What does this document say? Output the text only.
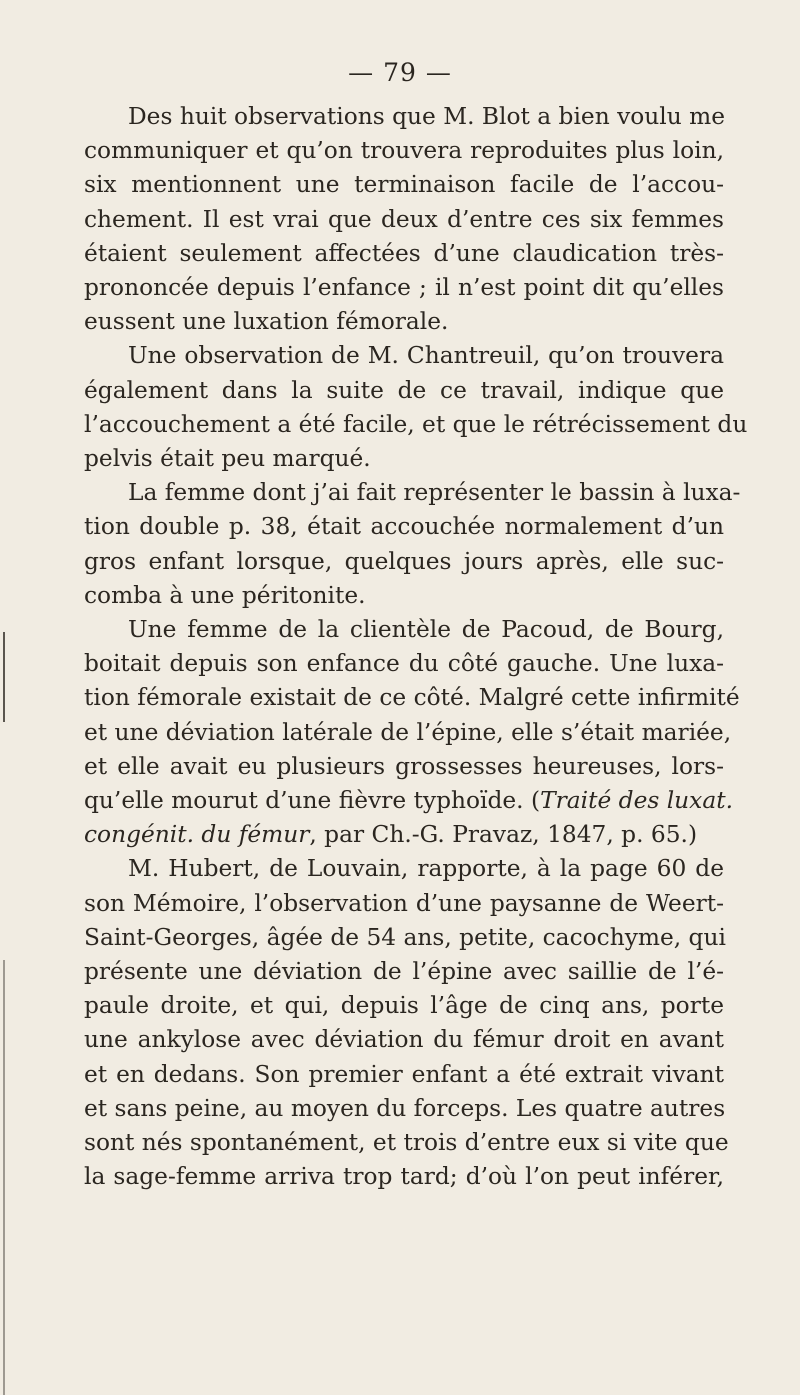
— 79 —

Des huit observations que M. Blot a bien voulu me
communiquer et qu’on trouvera reproduites plus loin,
six mentionnent une terminaison facile de l’accou-
chement. Il est vrai que deux d’entre ces six femmes
étaient seulement affectées d’une claudication très-
prononcée depuis l’enfance ; il n’est point dit qu’elles
eussent une luxation fémorale.

Une observation de M. Chantreuil, qu’on trouvera
également dans la suite de ce travail, indique que
l’accouchement a été facile, et que le rétrécissement du
pelvis était peu marqué.

La femme dont j’ai fait représenter le bassin à luxa-
tion double p. 38, était accouchée normalement d’un
gros enfant lorsque, quelques jours après, elle suc-
comba à une péritonite.

Une femme de la clientèle de Pacoud, de Bourg,
boitait depuis son enfance du côté gauche. Une luxa-
tion fémorale existait de ce côté. Malgré cette infirmité
et une déviation latérale de l’épine, elle s’était mariée,
et elle avait eu plusieurs grossesses heureuses, lors-
qu’elle mourut d’une fièvre typhoïde. (Traité des luxat.
congénit. du fémur, par Ch.-G. Pravaz, 1847, p. 65.)

M. Hubert, de Louvain, rapporte, à la page 60 de
son Mémoire, l’observation d’une paysanne de Weert-
Saint-Georges, âgée de 54 ans, petite, cacochyme, qui
présente une déviation de l’épine avec saillie de l’é-
paule droite, et qui, depuis l’âge de cinq ans, porte
une ankylose avec déviation du fémur droit en avant
et en dedans. Son premier enfant a été extrait vivant
et sans peine, au moyen du forceps. Les quatre autres
sont nés spontanément, et trois d’entre eux si vite que
la sage-femme arriva trop tard; d’où l’on peut inférer,
